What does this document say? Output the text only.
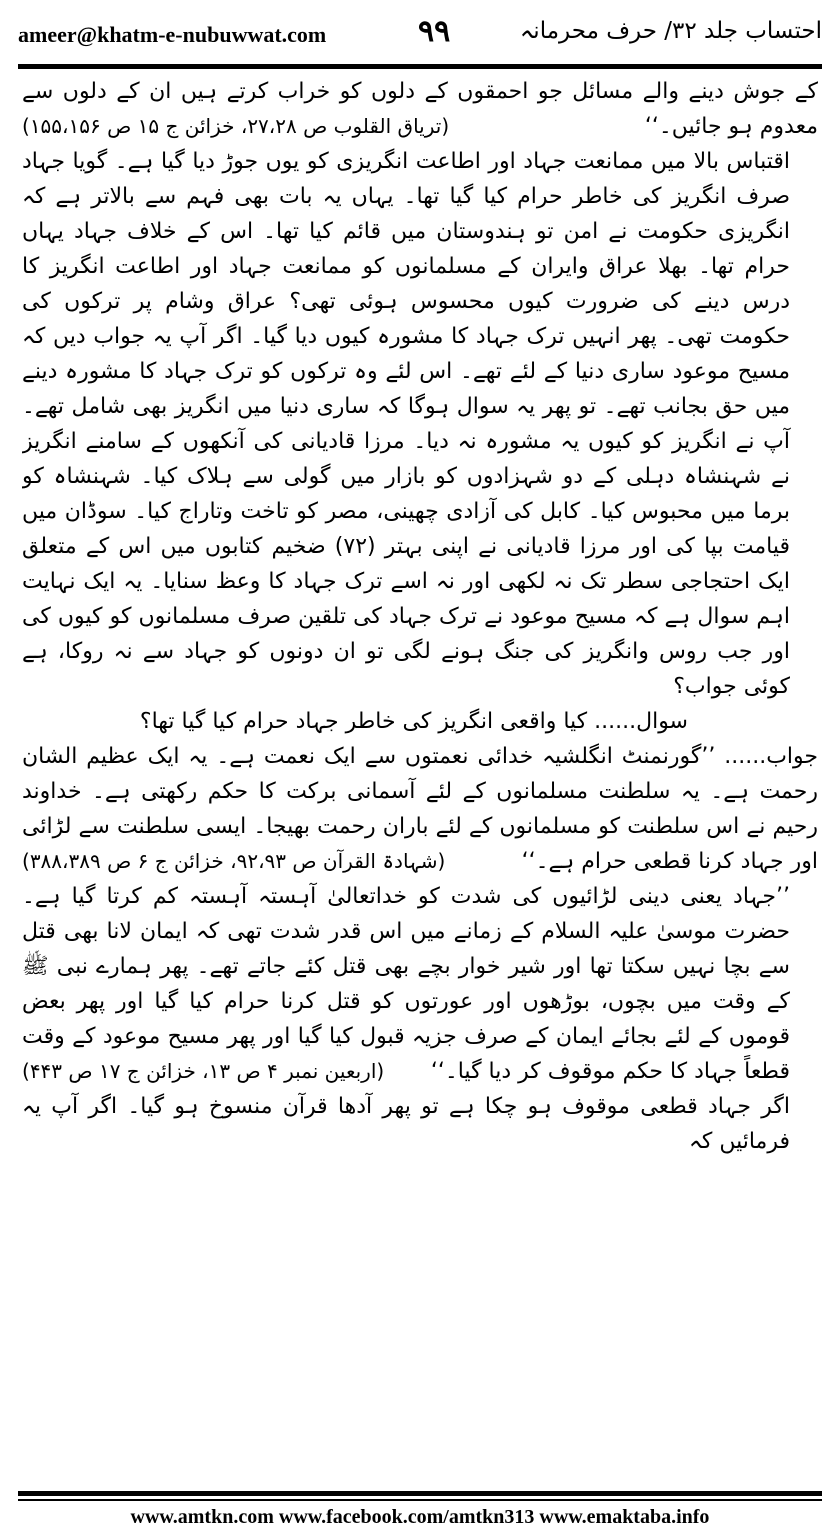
ameer@khatm-e-nubuwwat.com	۹۹	احتساب جلد ۳۲/ حرف محرمانہ

کے جوش دینے والے مسائل جو احمقوں کے دلوں کو خراب کرتے ہیں ان کے دلوں سے معدوم ہو جائیں۔‘‘
(تریاق القلوب ص ۲۷،۲۸، خزائن ج ۱۵ ص ۱۵۵،۱۵۶)

اقتباس بالا میں ممانعت جہاد اور اطاعت انگریزی کو یوں جوڑ دیا گیا ہے۔ گویا جہاد صرف انگریز کی خاطر حرام کیا گیا تھا۔ یہاں یہ بات بھی فہم سے بالاتر ہے کہ انگریزی حکومت نے امن تو ہندوستان میں قائم کیا تھا۔ اس کے خلاف جہاد یہاں حرام تھا۔ بھلا عراق وایران کے مسلمانوں کو ممانعت جہاد اور اطاعت انگریز کا درس دینے کی ضرورت کیوں محسوس ہوئی تھی؟ عراق وشام پر ترکوں کی حکومت تھی۔ پھر انہیں ترک جہاد کا مشورہ کیوں دیا گیا۔ اگر آپ یہ جواب دیں کہ مسیح موعود ساری دنیا کے لئے تھے۔ اس لئے وہ ترکوں کو ترک جہاد کا مشورہ دینے میں حق بجانب تھے۔ تو پھر یہ سوال ہوگا کہ ساری دنیا میں انگریز بھی شامل تھے۔ آپ نے انگریز کو کیوں یہ مشورہ نہ دیا۔ مرزا قادیانی کی آنکھوں کے سامنے انگریز نے شہنشاہ دہلی کے دو شہزادوں کو بازار میں گولی سے ہلاک کیا۔ شہنشاہ کو برما میں محبوس کیا۔ کابل کی آزادی چھینی، مصر کو تاخت وتاراج کیا۔ سوڈان میں قیامت بپا کی اور مرزا قادیانی نے اپنی بہتر (۷۲) ضخیم کتابوں میں اس کے متعلق ایک احتجاجی سطر تک نہ لکھی اور نہ اسے ترک جہاد کا وعظ سنایا۔ یہ ایک نہایت اہم سوال ہے کہ مسیح موعود نے ترک جہاد کی تلقین صرف مسلمانوں کو کیوں کی اور جب روس وانگریز کی جنگ ہونے لگی تو ان دونوں کو جہاد سے نہ روکا، ہے کوئی جواب؟

سوال...... کیا واقعی انگریز کی خاطر جہاد حرام کیا گیا تھا؟

جواب...... ’’گورنمنٹ انگلشیہ خدائی نعمتوں سے ایک نعمت ہے۔ یہ ایک عظیم الشان رحمت ہے۔ یہ سلطنت مسلمانوں کے لئے آسمانی برکت کا حکم رکھتی ہے۔ خداوند رحیم نے اس سلطنت کو مسلمانوں کے لئے باران رحمت بھیجا۔ ایسی سلطنت سے لڑائی اور جہاد کرنا قطعی حرام ہے۔‘‘
(شہادۃ القرآن ص ۹۲،۹۳، خزائن ج ۶ ص ۳۸۸،۳۸۹)

’’جہاد یعنی دینی لڑائیوں کی شدت کو خداتعالیٰ آہستہ آہستہ کم کرتا گیا ہے۔ حضرت موسیٰ علیہ السلام کے زمانے میں اس قدر شدت تھی کہ ایمان لانا بھی قتل سے بچا نہیں سکتا تھا اور شیر خوار بچے بھی قتل کئے جاتے تھے۔ پھر ہمارے نبی ﷺ کے وقت میں بچوں، بوڑھوں اور عورتوں کو قتل کرنا حرام کیا گیا اور پھر بعض قوموں کے لئے بجائے ایمان کے صرف جزیہ قبول کیا گیا اور پھر مسیح موعود کے وقت قطعاً جہاد کا حکم موقوف کر دیا گیا۔‘‘
(اربعین نمبر ۴ ص ۱۳، خزائن ج ۱۷ ص ۴۴۳)

اگر جہاد قطعی موقوف ہو چکا ہے تو پھر آدھا قرآن منسوخ ہو گیا۔ اگر آپ یہ فرمائیں کہ

www.amtkn.com www.facebook.com/amtkn313 www.emaktaba.info
